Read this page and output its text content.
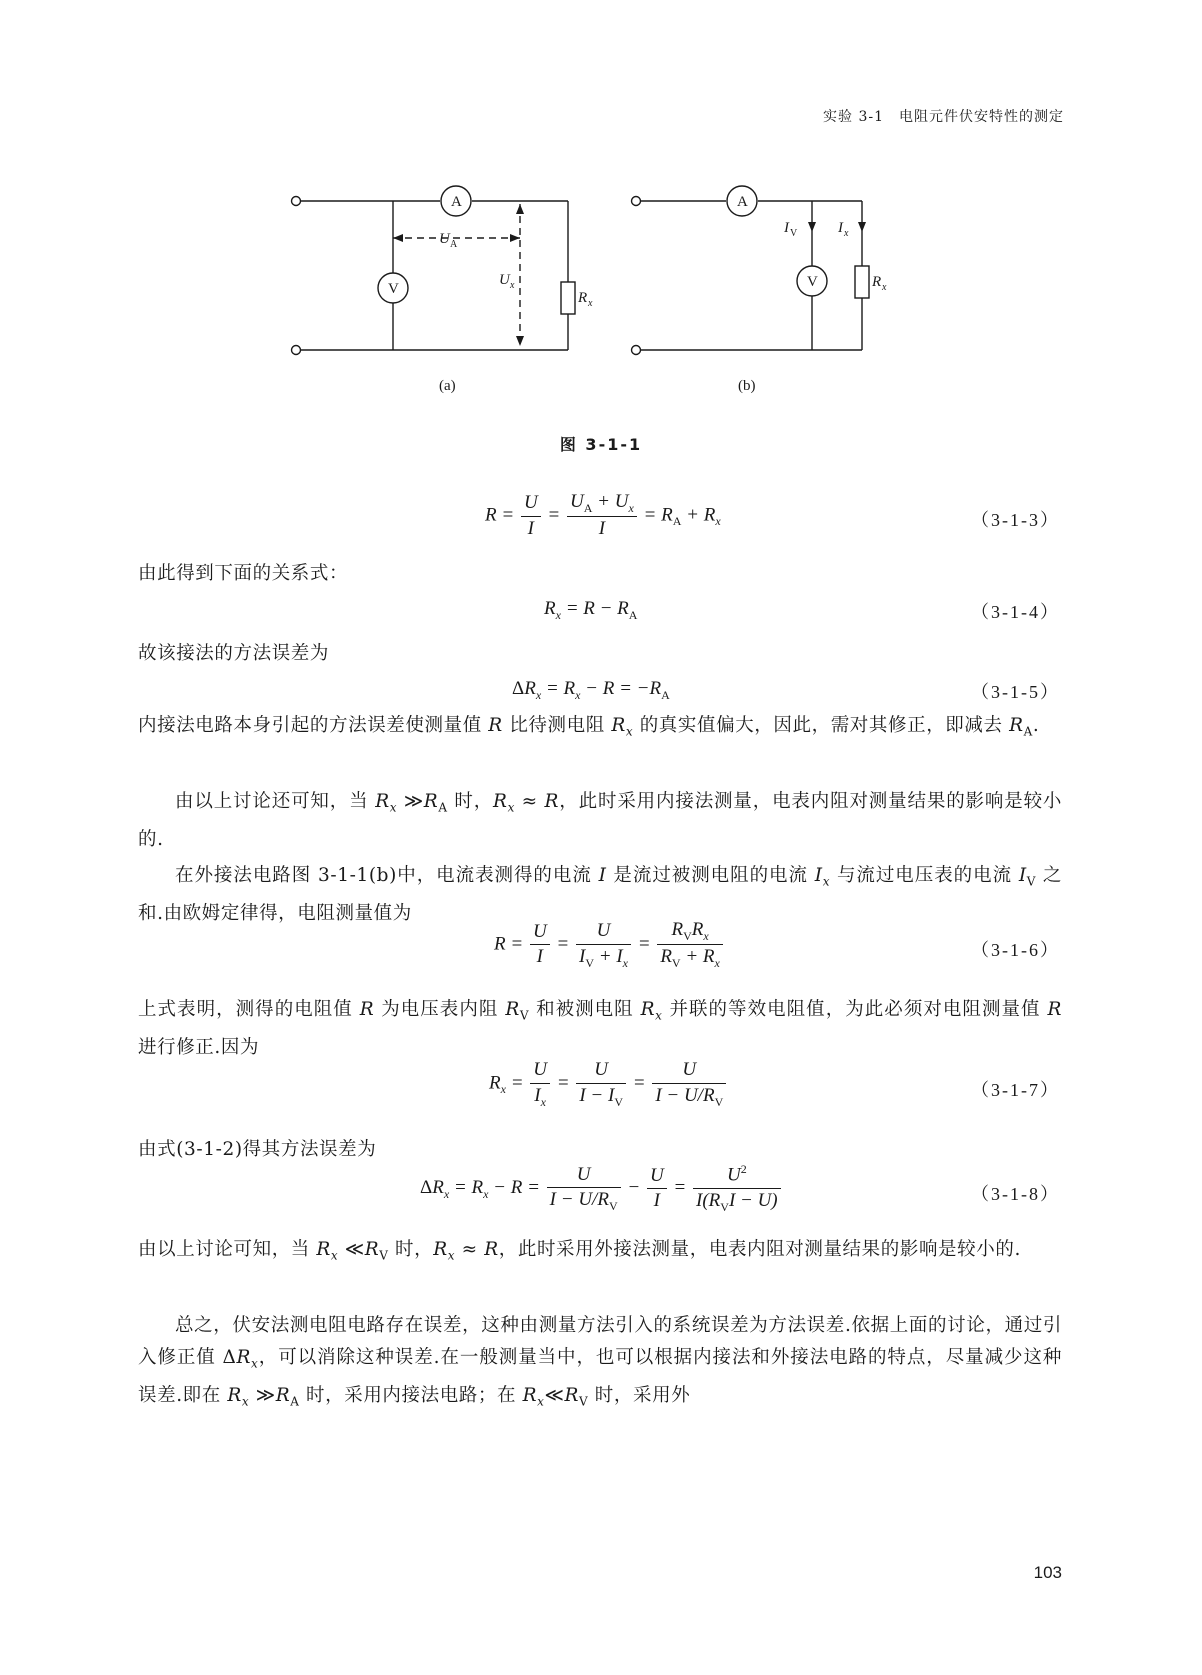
实验 3-1　电阻元件伏安特性的测定
A
V
A
V
U A
U x
R x
I V	I x
R x
(a)	(b)
图 3-1-1
$R = \frac{U}{I} = \frac{U_A + U_x}{I} = R_A + R_x$	（3-1-3）
由此得到下面的关系式：
$R_x = R - R_A$	（3-1-4）
故该接法的方法误差为
$\Delta R_x = R_x - R = -R_A$	（3-1-5）
内接法电路本身引起的方法误差使测量值 R 比待测电阻 $R_x$ 的真实值偏大，因此，需对其修正，即减去 $R_A$.
由以上讨论还可知，当 $R_x$ $≫R_A$ 时，$R_x \approx R$，此时采用内接法测量，电表内阻对测量结果的影响是较小的.
在外接法电路图 3-1-1(b)中，电流表测得的电流 I 是流过被测电阻的电流 $I_x$ 与流过电压表的电流 $I_V$ 之和.由欧姆定律得，电阻测量值为
$R = \frac{U}{I} = \frac{U}{I_V + I_x} = \frac{R_VR_x}{R_V + R_x}$	（3-1-6）
上式表明，测得的电阻值 R 为电压表内阻 $R_V$ 和被测电阻 $R_x$ 并联的等效电阻值，为此必须对电阻测量值 R 进行修正.因为
$R_x = \frac{U}{I_x} = \frac{U}{I - I_V} = \frac{U}{I - U/R_V}$	（3-1-7）
由式(3-1-2)得其方法误差为
$\Delta R_x = R_x - R = \frac{U}{I - U/R_V} - \frac{U}{I} = \frac{U^2}{I(R_VI - U)}$	（3-1-8）
由以上讨论可知，当 $R_x$ $≪R_V$ 时，$R_x \approx R$，此时采用外接法测量，电表内阻对测量结果的影响是较小的.
总之，伏安法测电阻电路存在误差，这种由测量方法引入的系统误差为方法误差.依据上面的讨论，通过引入修正值 $\Delta R_x$，可以消除这种误差.在一般测量当中，也可以根据内接法和外接法电路的特点，尽量减少这种误差.即在 $R_x$ $≫R_A$ 时，采用内接法电路；在 $R_x≪R_V$ 时，采用外
103
